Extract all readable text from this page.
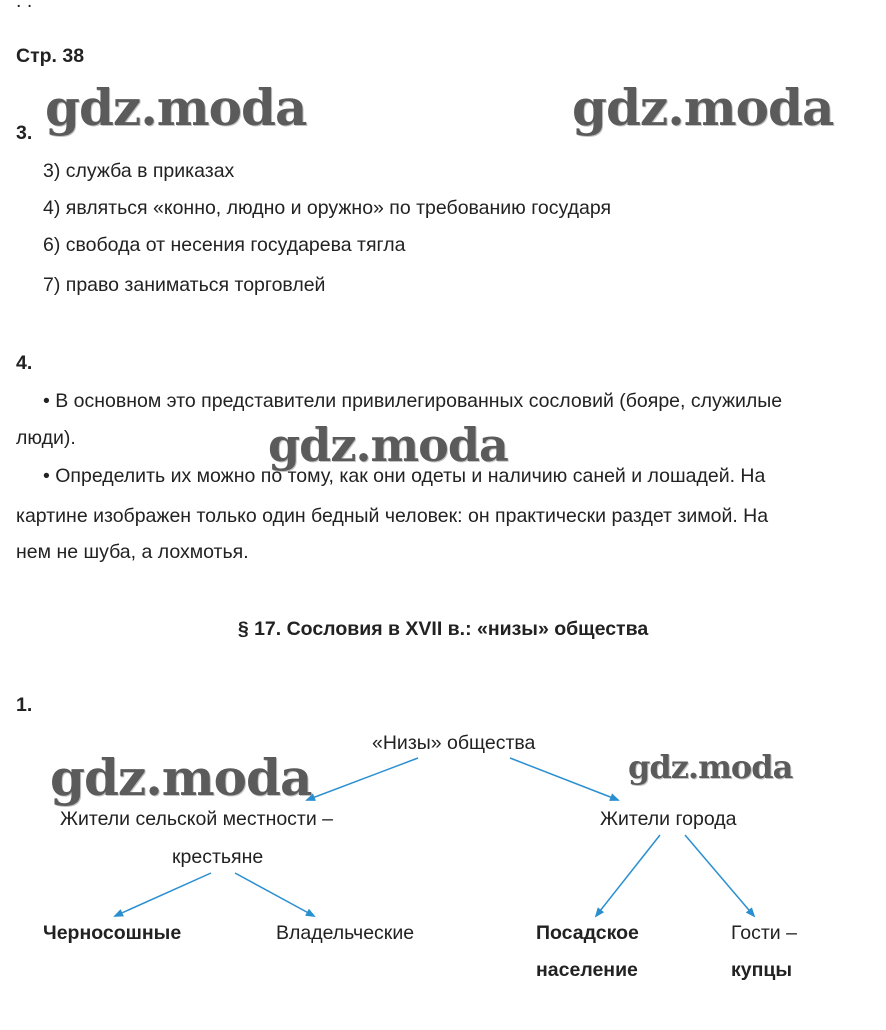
. .
Стр. 38
gdz.moda	gdz.moda
gdz.moda
gdz.moda	gdz.moda
3.
3) служба в приказах
4) являться «конно, людно и оружно» по требованию государя
6) свобода от несения государева тягла
7) право заниматься торговлей
4.
• В основном это представители привилегированных сословий (бояре, служилые
люди).
• Определить их можно по тому, как они одеты и наличию саней и лошадей. На
картине изображен только один бедный человек: он практически раздет зимой. На
нем не шуба, а лохмотья.
§ 17. Сословия в XVII в.: «низы» общества
1.
«Низы» общества
Жители сельской местности –
крестьяне
Жители города
Черносошные	Владельческие	Посадское
население
Гости –
купцы
